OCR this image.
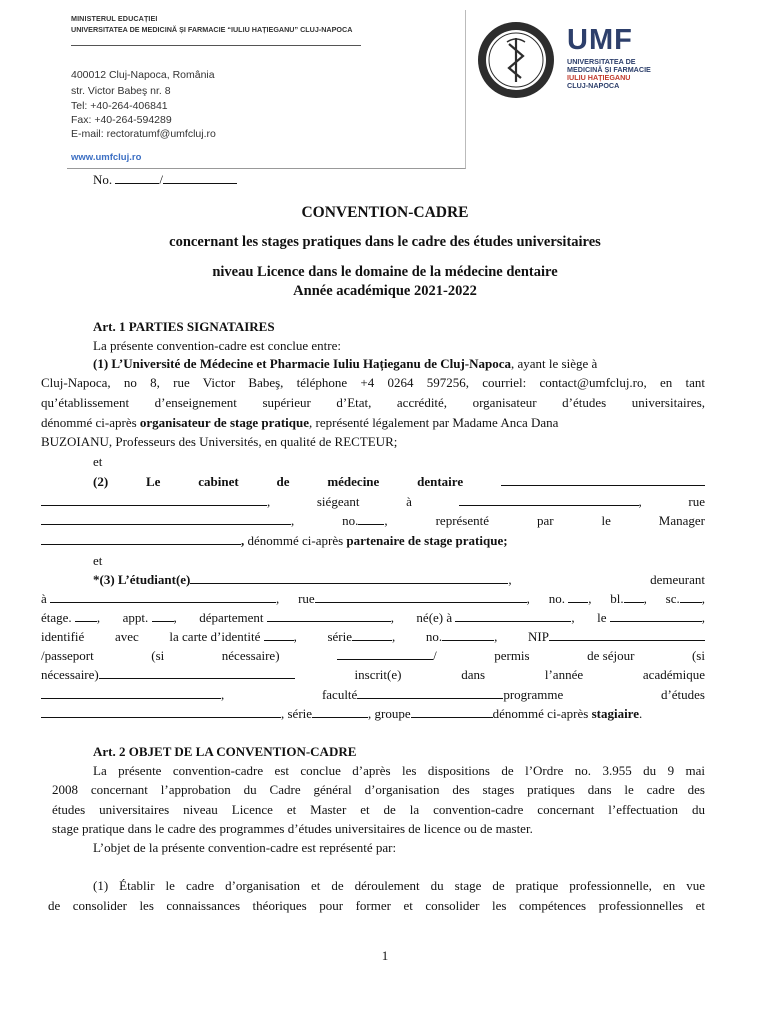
MINISTERUL EDUCAȚIEI
UNIVERSITATEA DE MEDICINĂ ȘI FARMACIE “IULIU HAȚIEGANU” CLUJ-NAPOCA
400012 Cluj-Napoca, România
str. Victor Babeş nr. 8
Tel: +40-264-406841
Fax: +40-264-594289
E-mail: rectoratumf@umfcluj.ro
www.umfcluj.ro
UMF
UNIVERSITATEA DE
MEDICINĂ ȘI FARMACIE
IULIU HAȚIEGANU
CLUJ-NAPOCA
No.	/
CONVENTION-CADRE
concernant les stages pratiques dans le cadre des études universitaires
niveau Licence dans le domaine de la médecine dentaire
Année académique 2021-2022
Art. 1 PARTIES SIGNATAIRES
La présente convention-cadre est conclue entre:
(1) L’Université de Médecine et Pharmacie Iuliu Hațieganu de Cluj-Napoca, ayant le siège à
Cluj-Napoca, no 8, rue Victor Babeş, téléphone +4 0264 597256, courriel: contact@umfcluj.ro, en tant
qu’établissement d’enseignement supérieur d’Etat, accrédité, organisateur d’études universitaires,
dénommé ci-après organisateur de stage pratique, représenté légalement par Madame Anca Dana
BUZOIANU, Professeurs des Universités, en qualité de RECTEUR;
et
(2)	Le	cabinet	de	médecine	dentaire
,	siégeant	à	,	rue
,	no. ,	représenté	par	le	Manager
, dénommé ci-après partenaire de stage pratique;
et
*(3) L’étudiant(e)	,	demeurant
à	, rue	, no. , bl. , sc. ,
étage. , appt. , département	, né(e) à	, le	,
identifié avec la carte d’identité	, série	, no.	, NIP
/passeport	(si	nécessaire)	/	permis	de séjour	(si
nécessaire)	inscrit(e)	dans	l’année	académique
,	faculté	programme	d’études
, série	, groupe	dénommé ci-après stagiaire.
Art. 2 OBJET DE LA CONVENTION-CADRE
La présente convention-cadre est conclue d’après les dispositions de l’Ordre no. 3.955 du 9 mai
2008 concernant l’approbation du Cadre général d’organisation des stages pratiques dans le cadre des
études universitaires niveau Licence et Master et de la convention-cadre concernant l’effectuation du
stage pratique dans le cadre des programmes d’études universitaires de licence ou de master.
L’objet de la présente convention-cadre est représenté par:
(1) Établir le cadre d’organisation et de déroulement du stage de pratique professionnelle, en vue
de consolider les connaissances théoriques pour former et consolider les compétences professionnelles et
1
